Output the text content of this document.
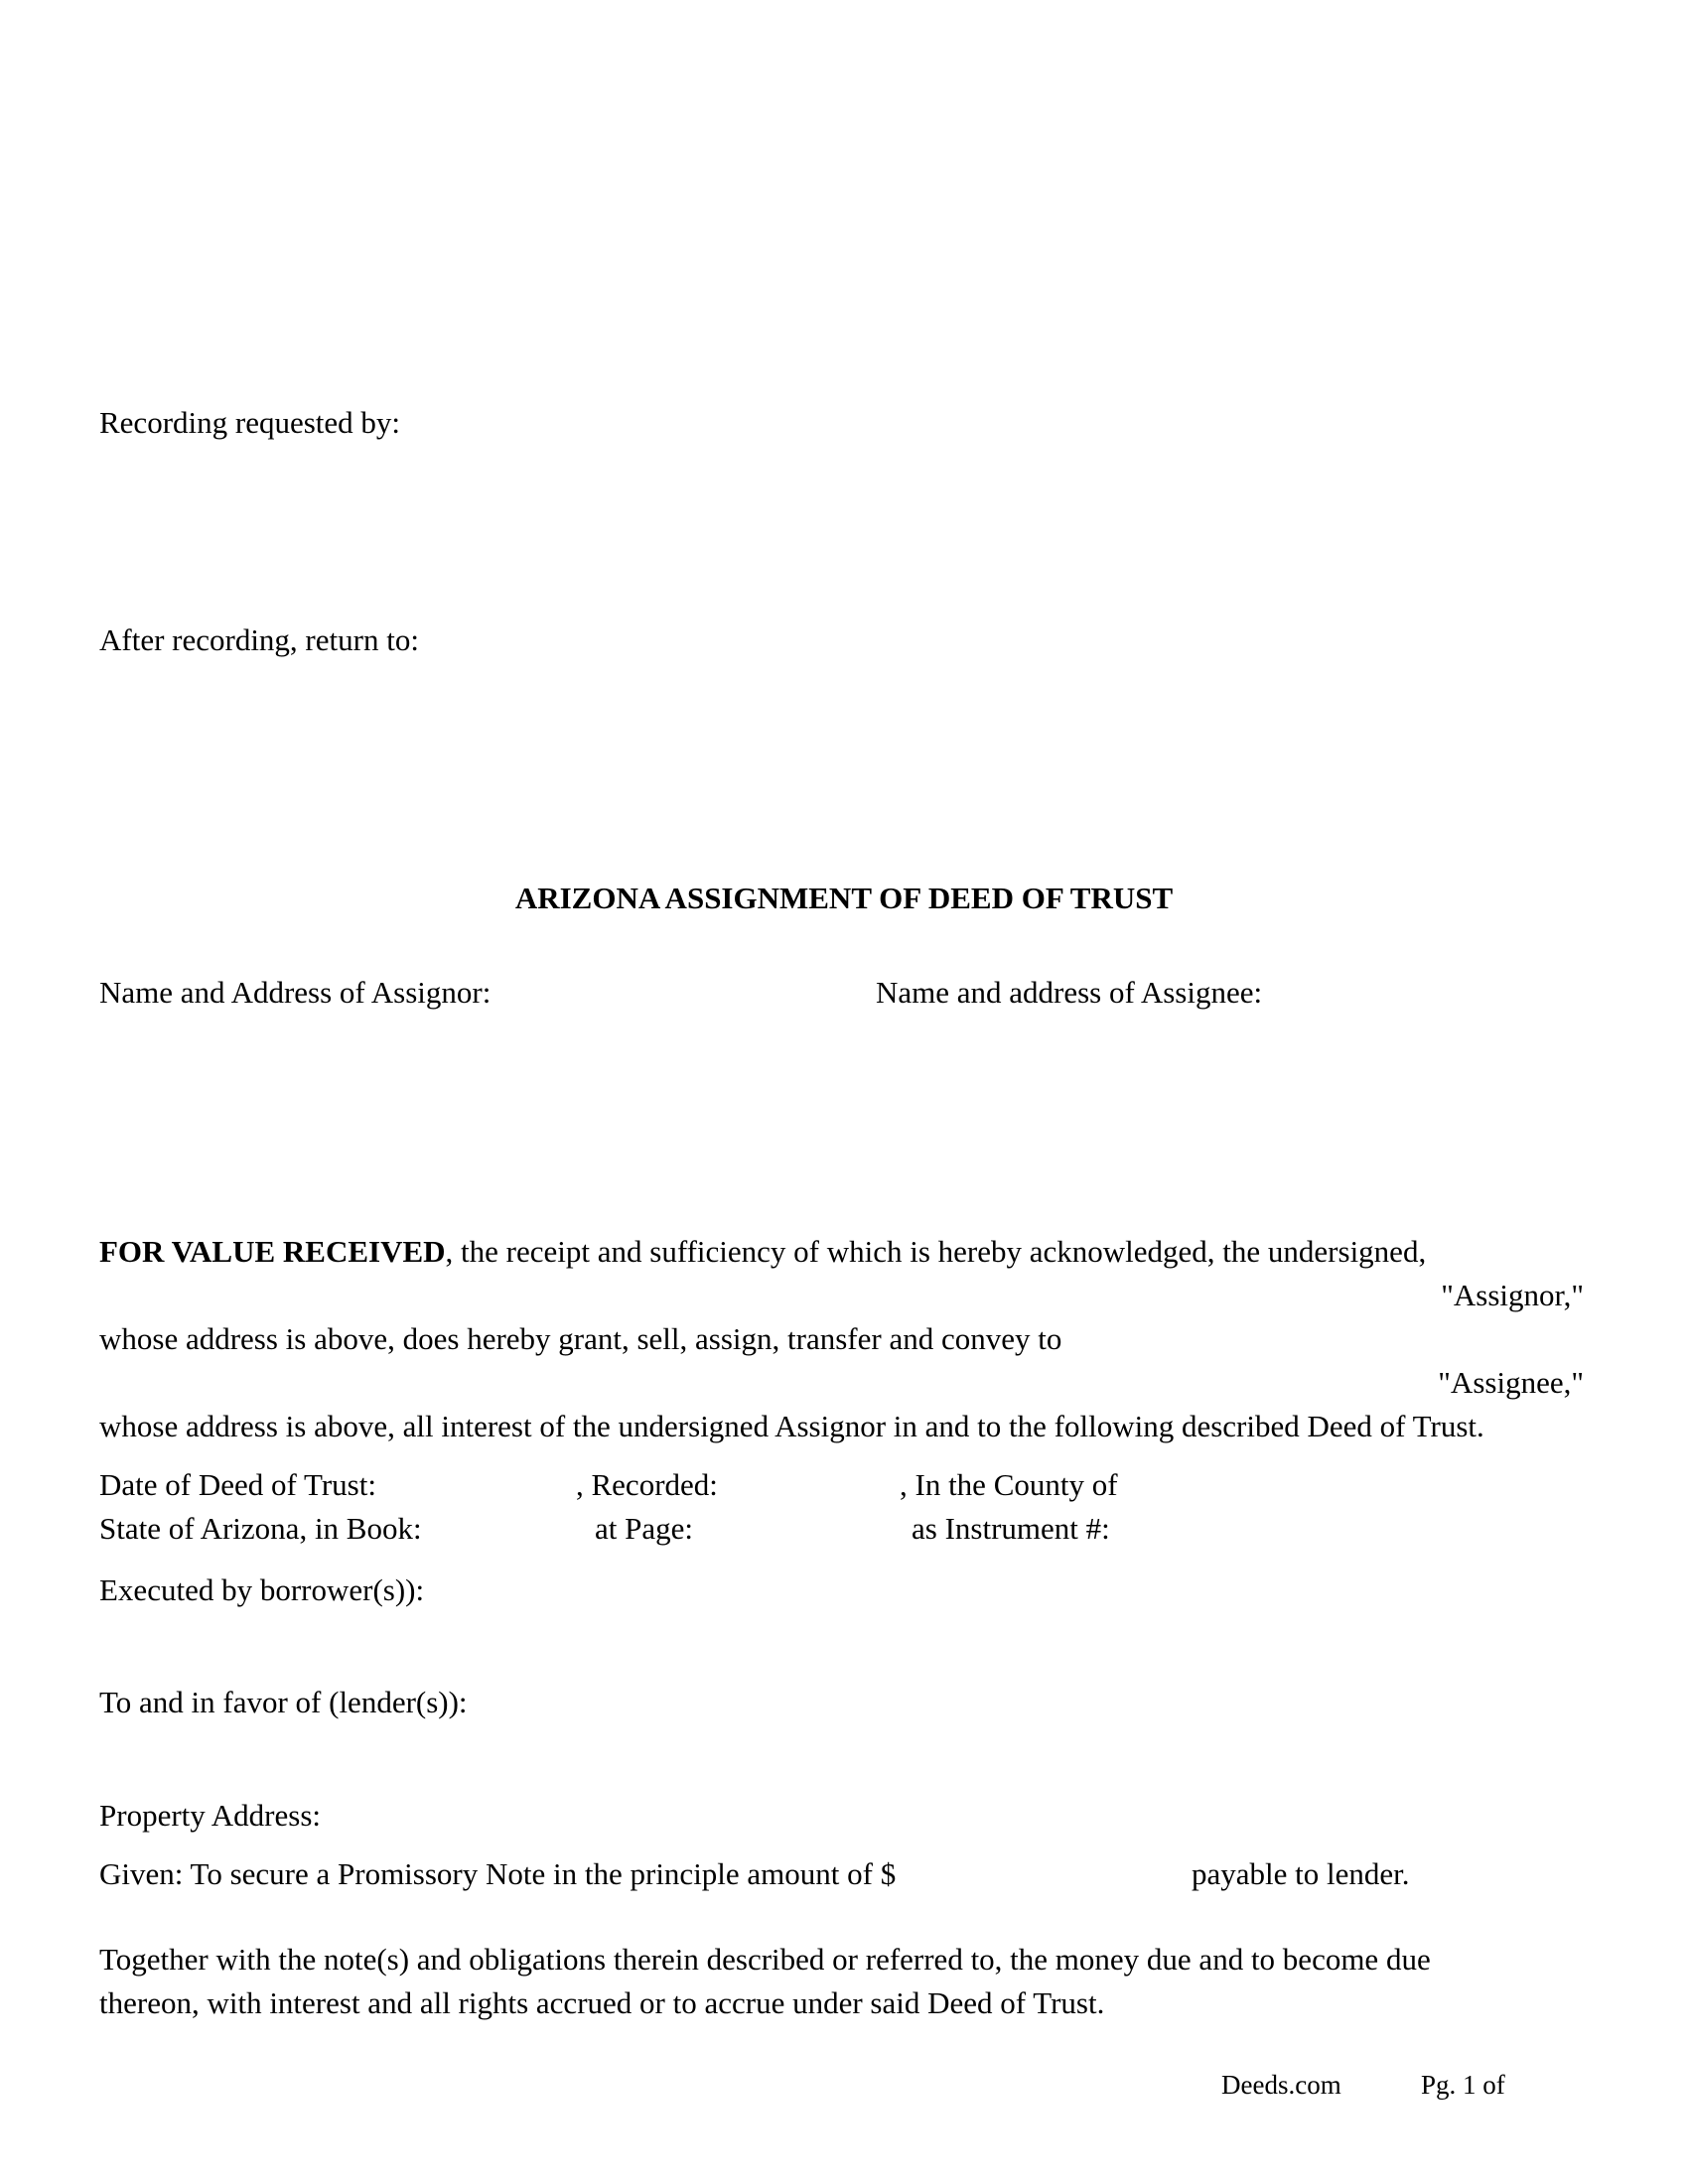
Recording requested by:
After recording, return to:
ARIZONA ASSIGNMENT OF DEED OF TRUST
Name and Address of Assignor:	Name and address of Assignee:
FOR VALUE RECEIVED, the receipt and sufficiency of which is hereby acknowledged, the undersigned,
"Assignor,"
whose address is above, does hereby grant, sell, assign, transfer and convey to
"Assignee,"
whose address is above, all interest of the undersigned Assignor in and to the following described Deed of Trust.
Date of Deed of Trust:	, Recorded:	, In the County of
State of Arizona, in Book:	at Page:	as Instrument #:
Executed by borrower(s)):
To and in favor of (lender(s)):
Property Address:
Given: To secure a Promissory Note in the principle amount of $	payable to lender.
Together with the note(s) and obligations therein described or referred to, the money due and to become due
thereon, with interest and all rights accrued or to accrue under said Deed of Trust.
Deeds.com	Pg. 1 of
